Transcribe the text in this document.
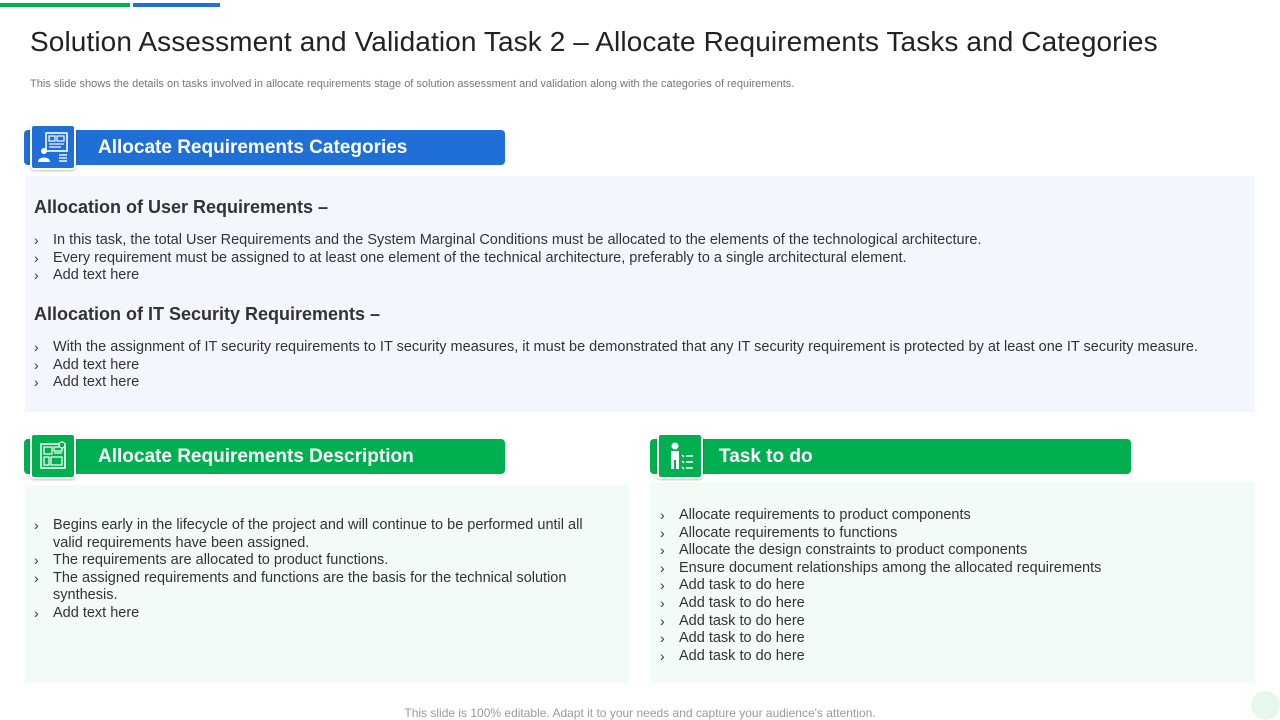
Solution Assessment and Validation Task 2 – Allocate Requirements Tasks and Categories

This slide shows the details on tasks involved in allocate requirements stage of solution assessment and validation along with the categories of requirements.

Allocate Requirements Categories
Allocation of User Requirements –
› In this task, the total User Requirements and the System Marginal Conditions must be allocated to the elements of the technological architecture.
› Every requirement must be assigned to at least one element of the technical architecture, preferably to a single architectural element.
› Add text here
Allocation of IT Security Requirements –
› With the assignment of IT security requirements to IT security measures, it must be demonstrated that any IT security requirement is protected by at least one IT security measure.
› Add text here
› Add text here
Allocate Requirements Description
› Begins early in the lifecycle of the project and will continue to be performed until all valid requirements have been assigned.
› The requirements are allocated to product functions.
› The assigned requirements and functions are the basis for the technical solution synthesis.
› Add text here
Task to do
› Allocate requirements to product components
› Allocate requirements to functions
› Allocate the design constraints to product components
› Ensure document relationships among the allocated requirements
› Add task to do here
› Add task to do here
› Add task to do here
› Add task to do here
› Add task to do here

This slide is 100% editable. Adapt it to your needs and capture your audience's attention.
